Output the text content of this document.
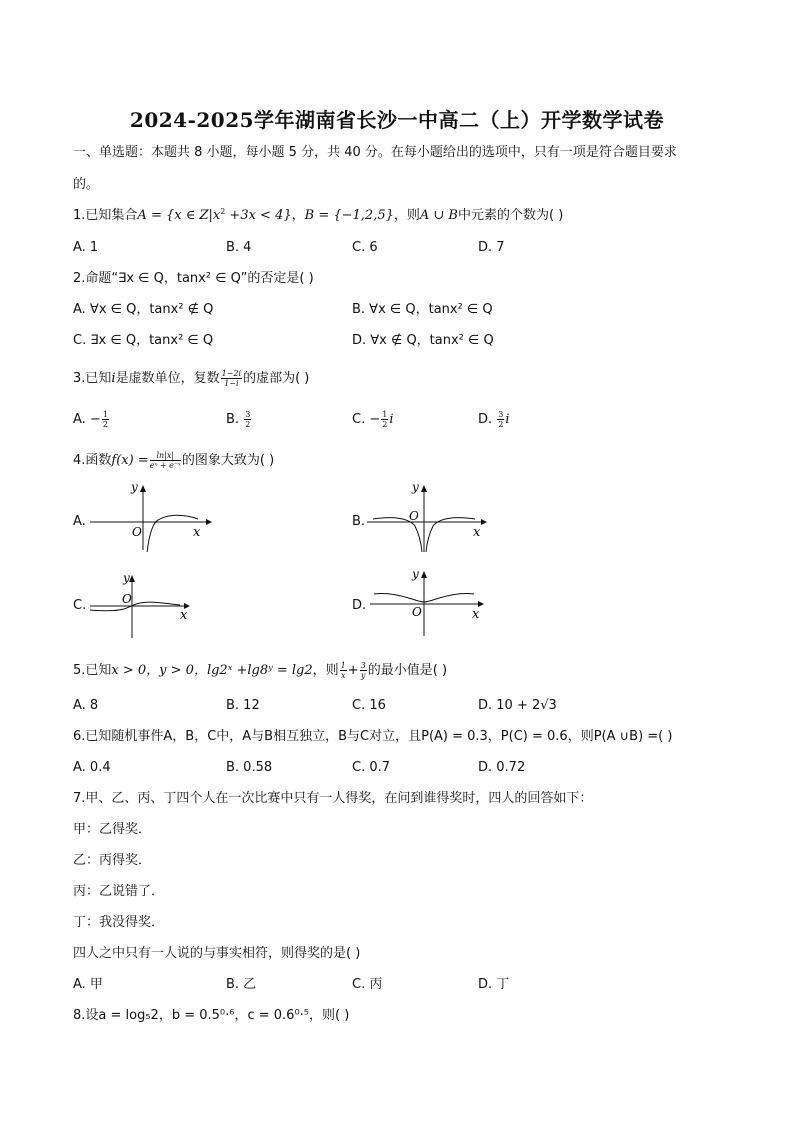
2024-2025学年湖南省长沙一中高二（上）开学数学试卷
一、单选题：本题共 8 小题，每小题 5 分，共 40 分。在每小题给出的选项中，只有一项是符合题目要求
的。
1.已知集合A = {x ∈ $Z|x^2 +3x < 4$}，B = {−1,2,5}，则A ∪ B中元素的个数为( )
A. 1	B. 4	C. 6	D. 7
2.命题“∃x ∈ Q，tanx² ∈ Q”的否定是( )
A. ∀x ∈ Q，tanx² ∉ Q	B. ∀x ∈ Q，tanx² ∈ Q
C. ∃x ∈ Q，tanx² ∈ Q	D. ∀x ∉ Q，tanx² ∈ Q
3.已知i是虚数单位，复数 $\frac{1-2i}{1-i}$ 的虚部为( )
A. − $\frac{1}{2}$	B. $\frac{3}{2}$	C. − $\frac{1}{2}$ i	D. $\frac{3}{2}$ i
4.函数$f(x) = \frac{\ln|x|}{\text{eˣ + e⁻ˣ}}$ 的图象大致为( )
A.
y
x
O
B.
y
x
O
C.
y
x
O	D.
y
x
O
5.已知x > 0，y > 0，lg2ˣ +lg8ʸ = lg2，则 $\frac{1}{x} + \frac{3}{y}$ 的最小值是( )
A. 8	B. 12	C. 16	D. 10 + 2√3
6.已知随机事件A，B，C中，A与B相互独立，B与C对立，且P(A) = 0.3，P(C) = 0.6，则P(A ∪B) =( )
A. 0.4	B. 0.58	C. 0.7	D. 0.72
7.甲、乙、丙、丁四个人在一次比赛中只有一人得奖，在问到谁得奖时，四人的回答如下：
甲：乙得奖．
乙：丙得奖．
丙：乙说错了．
丁：我没得奖．
四人之中只有一人说的与事实相符，则得奖的是( )
A. 甲	B. 乙	C. 丙	D. 丁
8.设a = log₅2，b = 0.5⁰·⁶，c = 0.6⁰·⁵，则( )
